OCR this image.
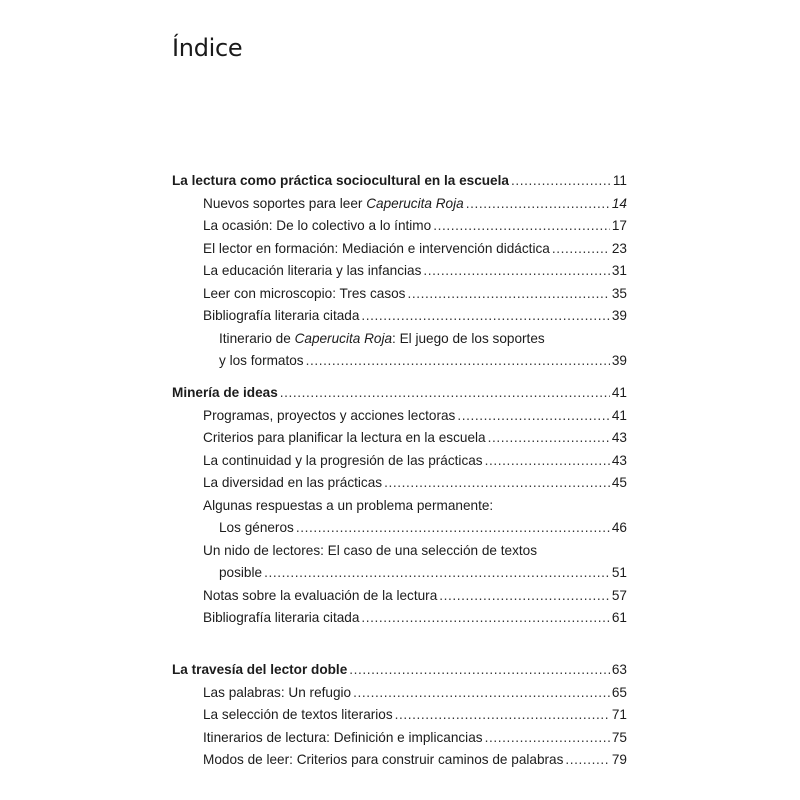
Índice
La lectura como práctica sociocultural en la escuela .....	11
Nuevos soportes para leer Caperucita Roja .....	14
La ocasión: De lo colectivo a lo íntimo .....	17
El lector en formación: Mediación e intervención didáctica .....	23
La educación literaria y las infancias .....	31
Leer con microscopio: Tres casos .....	35
Bibliografía literaria citada .....	39
Itinerario de Caperucita Roja: El juego de los soportes
y los formatos .....	39
Minería de ideas .....	41
Programas, proyectos y acciones lectoras .....	41
Criterios para planificar la lectura en la escuela .....	43
La continuidad y la progresión de las prácticas .....	43
La diversidad en las prácticas .....	45
Algunas respuestas a un problema permanente:
Los géneros .....	46
Un nido de lectores: El caso de una selección de textos
posible .....	51
Notas sobre la evaluación de la lectura .....	57
Bibliografía literaria citada .....	61
La travesía del lector doble .....	63
Las palabras: Un refugio .....	65
La selección de textos literarios .....	71
Itinerarios de lectura: Definición e implicancias .....	75
Modos de leer: Criterios para construir caminos de palabras .....	79
